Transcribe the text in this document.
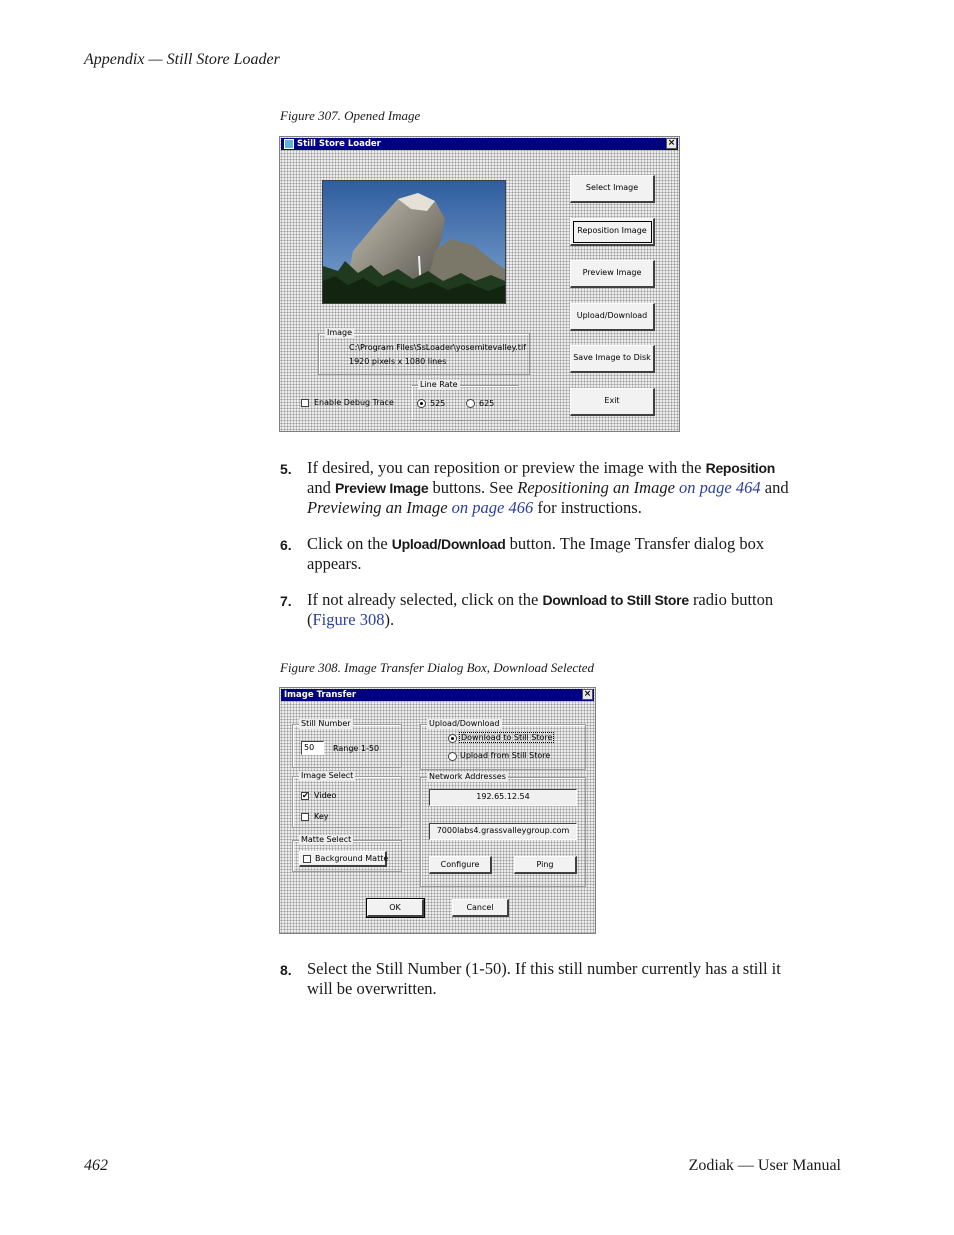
Appendix — Still Store Loader
Figure 307. Opened Image
Still Store Loader	×
Select Image
Reposition Image
Preview Image
Upload/Download
Save Image to Disk
Exit
Image
C:\Program Files\SsLoader\yosemitevalley.tif
1920 pixels x 1080 lines
Enable Debug Trace
Line Rate
525	625
5. If desired, you can reposition or preview the image with the Reposition
and Preview Image buttons. See Repositioning an Image on page 464 and
Previewing an Image on page 466 for instructions.
6. Click on the Upload/Download button. The Image Transfer dialog box
appears.
7. If not already selected, click on the Download to Still Store radio button
(Figure 308).
Figure 308. Image Transfer Dialog Box, Download Selected
Image Transfer	×
Still Number
50	Range 1-50
Image Select
✔ Video
Key
Matte Select
Background Matte
Upload/Download
Download to Still Store
Upload from Still Store
Network Addresses
192.65.12.54
7000labs4.grassvalleygroup.com
Configure	Ping
OK	Cancel
8. Select the Still Number (1-50). If this still number currently has a still it
will be overwritten.
462	Zodiak — User Manual
